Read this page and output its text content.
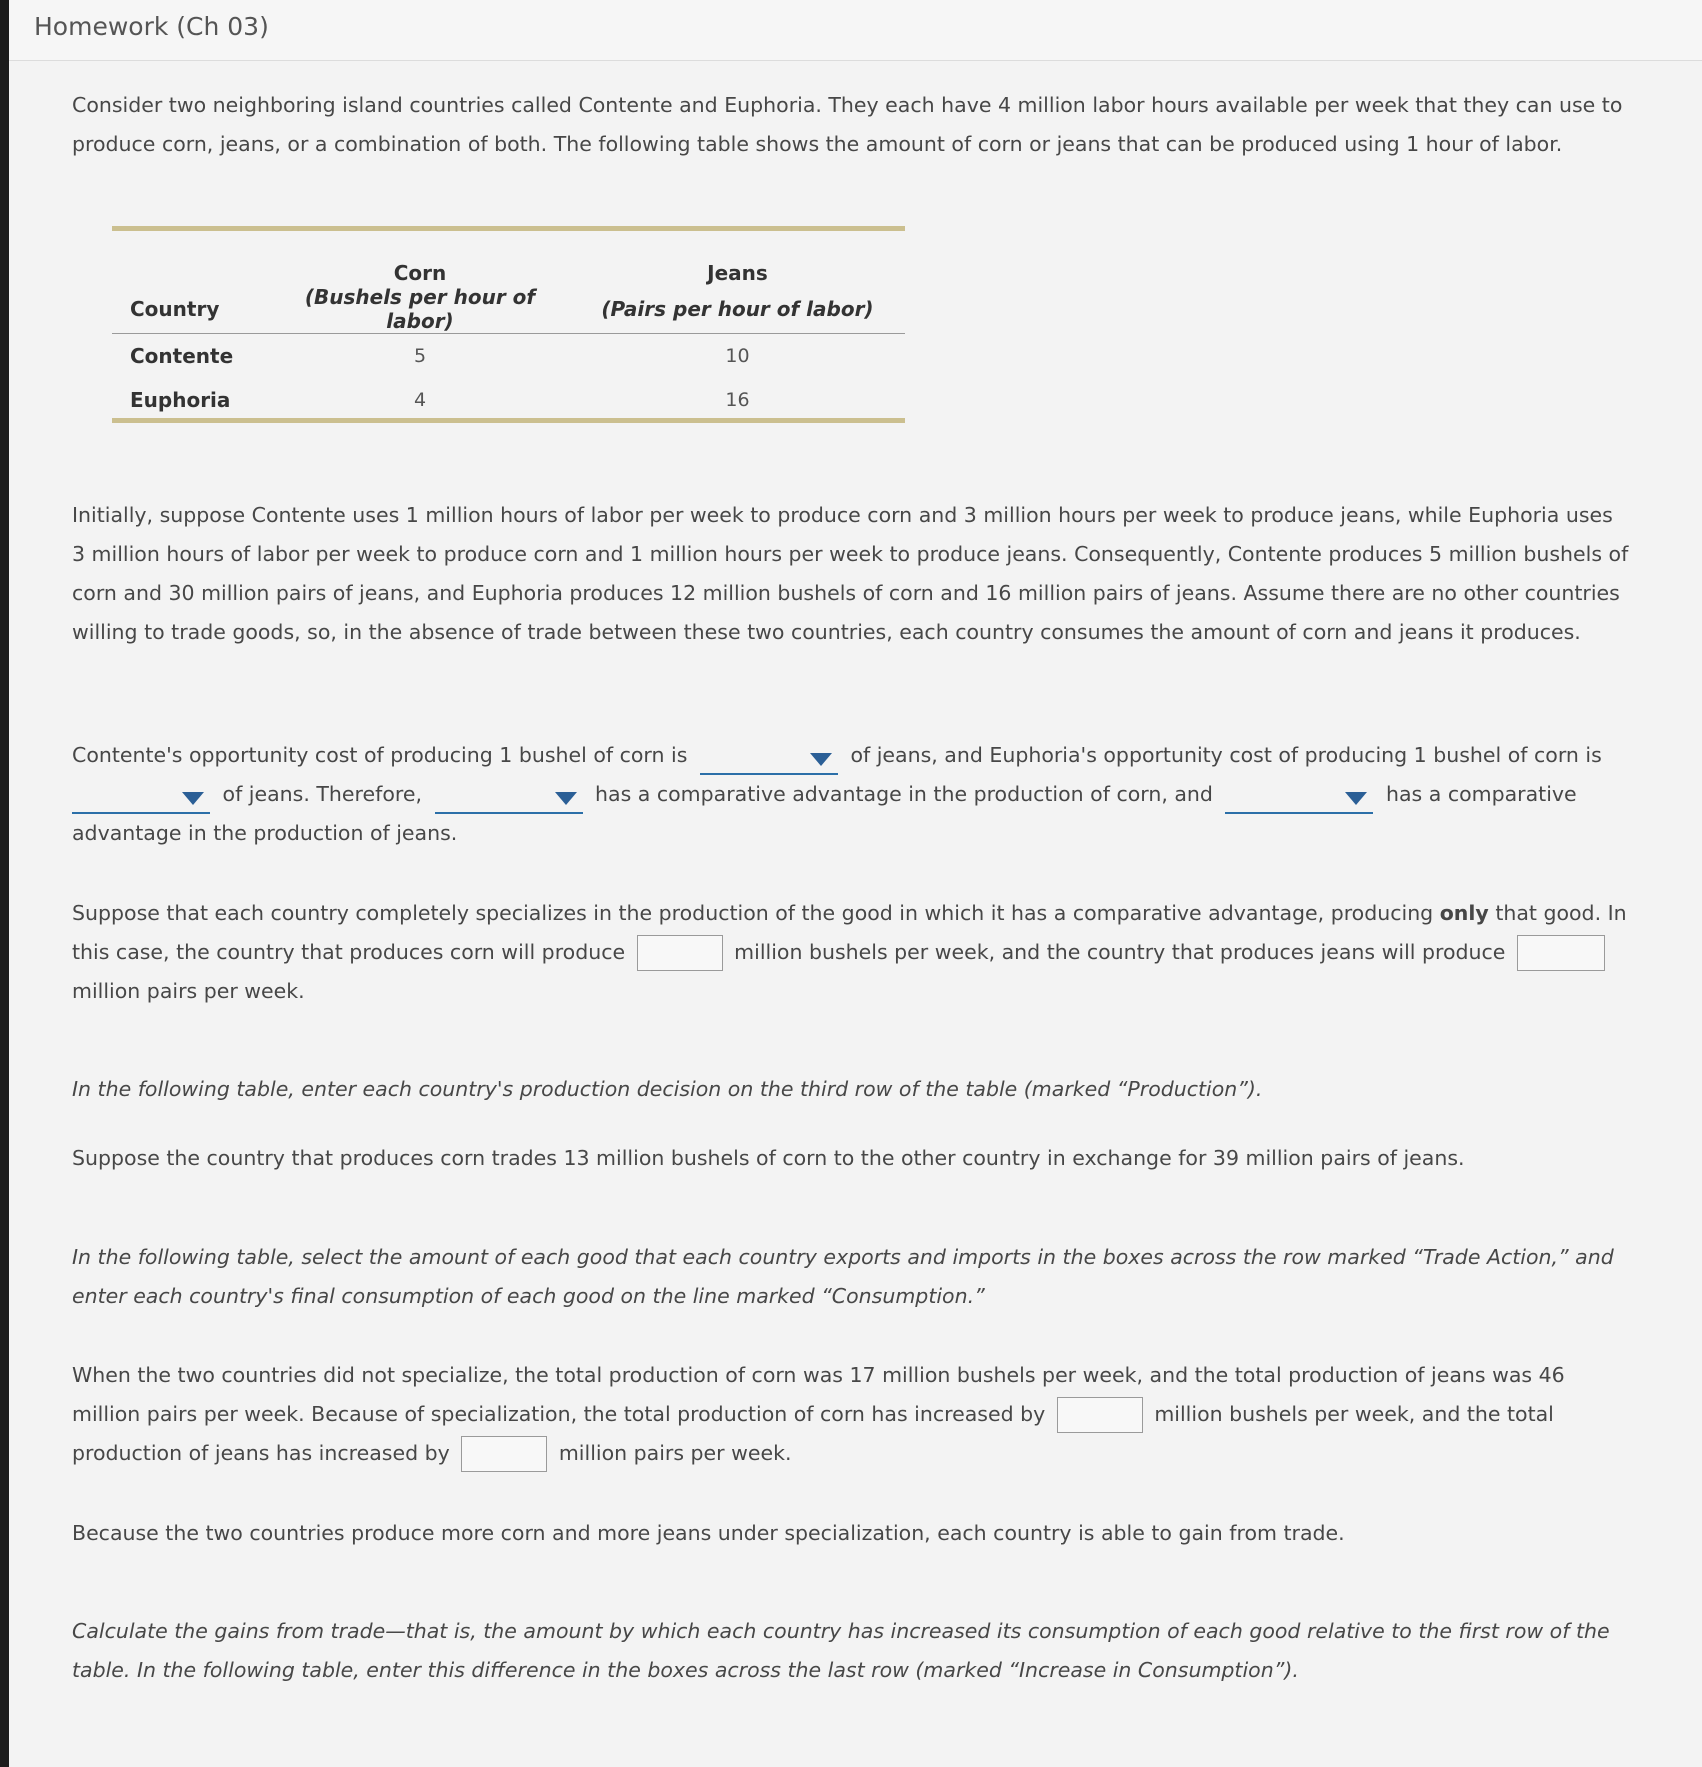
Homework (Ch 03)
Consider two neighboring island countries called Contente and Euphoria. They each have 4 million labor hours available per week that they can use to produce corn, jeans, or a combination of both. The following table shows the amount of corn or jeans that can be produced using 1 hour of labor.
	Corn	Jeans
Country	(Bushels per hour of labor)	(Pairs per hour of labor)
Contente	5	10
Euphoria	4	16
Initially, suppose Contente uses 1 million hours of labor per week to produce corn and 3 million hours per week to produce jeans, while Euphoria uses 3 million hours of labor per week to produce corn and 1 million hours per week to produce jeans. Consequently, Contente produces 5 million bushels of corn and 30 million pairs of jeans, and Euphoria produces 12 million bushels of corn and 16 million pairs of jeans. Assume there are no other countries willing to trade goods, so, in the absence of trade between these two countries, each country consumes the amount of corn and jeans it produces.
Contente's opportunity cost of producing 1 bushel of corn is	of jeans, and Euphoria's opportunity cost of producing 1 bushel of corn is
of jeans. Therefore,	has a comparative advantage in the production of corn, and	has a comparative advantage in the production of jeans.
Suppose that each country completely specializes in the production of the good in which it has a comparative advantage, producing only that good. In this case, the country that produces corn will produce	million bushels per week, and the country that produces jeans will produce  million pairs per week.
In the following table, enter each country's production decision on the third row of the table (marked “Production”).
Suppose the country that produces corn trades 13 million bushels of corn to the other country in exchange for 39 million pairs of jeans.
In the following table, select the amount of each good that each country exports and imports in the boxes across the row marked “Trade Action,” and enter each country's final consumption of each good on the line marked “Consumption.”
When the two countries did not specialize, the total production of corn was 17 million bushels per week, and the total production of jeans was 46 million pairs per week. Because of specialization, the total production of corn has increased by	million bushels per week, and the total production of jeans has increased by	million pairs per week.
Because the two countries produce more corn and more jeans under specialization, each country is able to gain from trade.
Calculate the gains from trade—that is, the amount by which each country has increased its consumption of each good relative to the first row of the table. In the following table, enter this difference in the boxes across the last row (marked “Increase in Consumption”).
